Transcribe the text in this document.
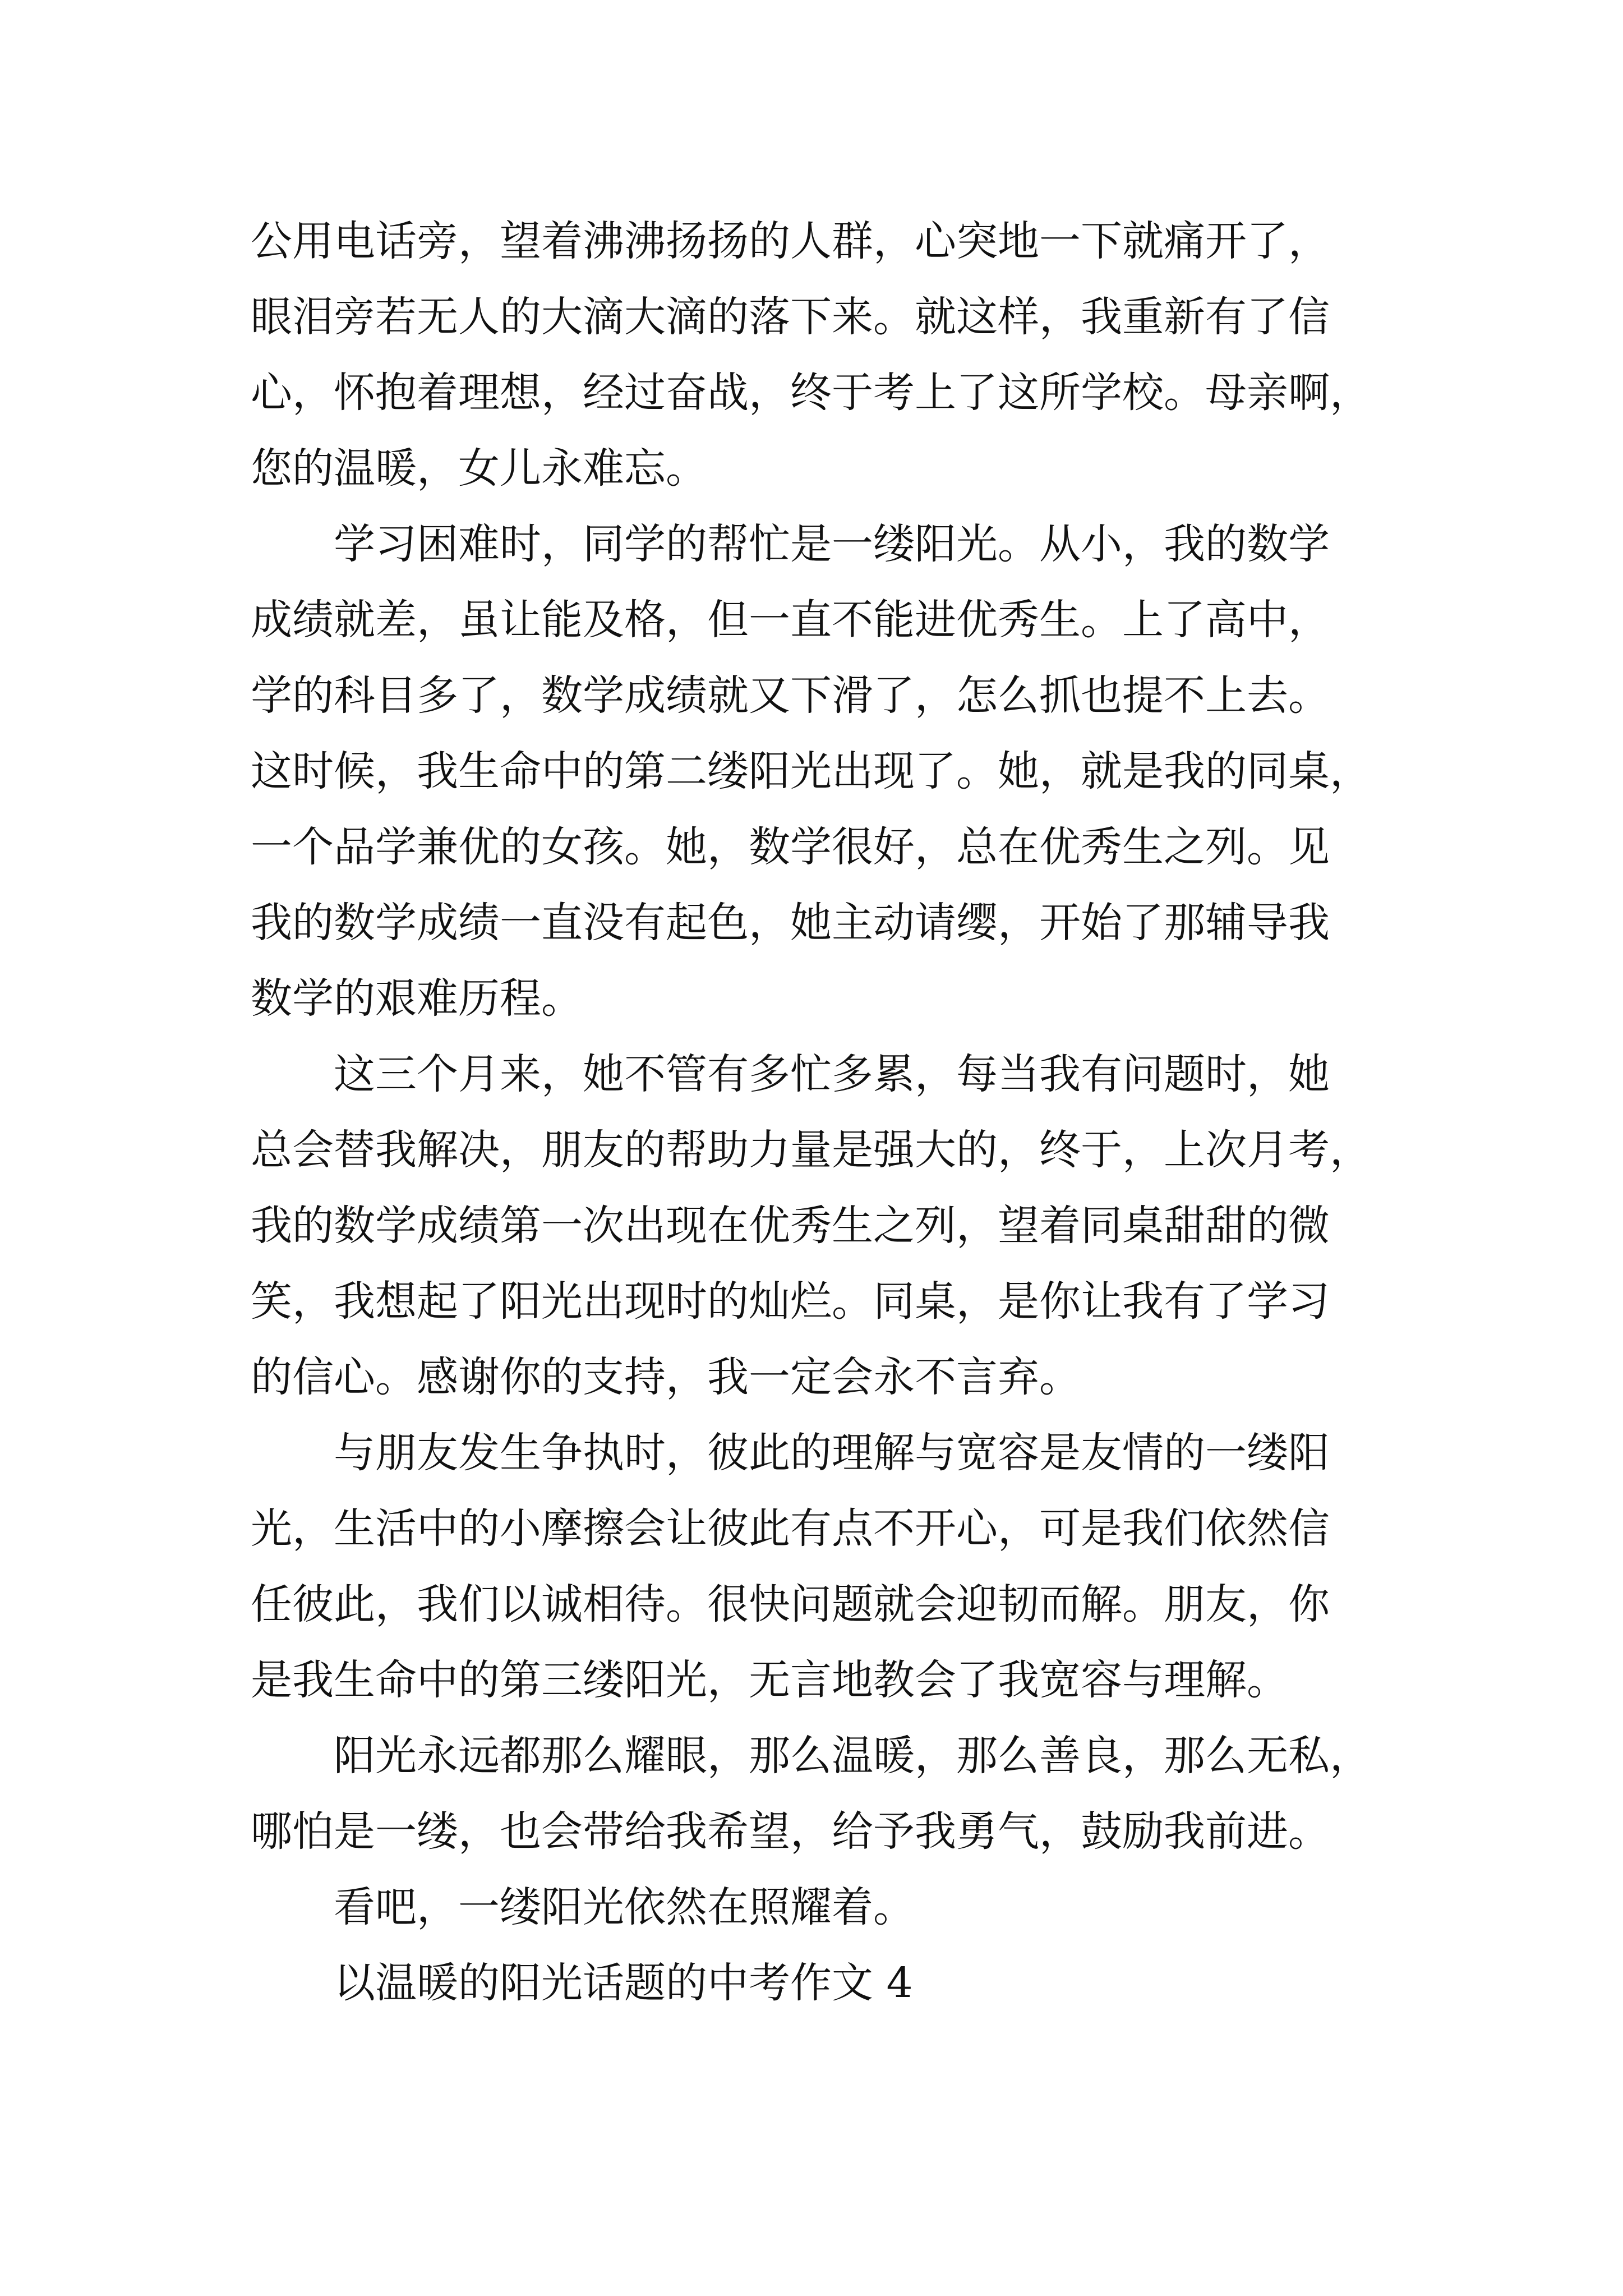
公用电话旁，望着沸沸扬扬的人群，心突地一下就痛开了，

眼泪旁若无人的大滴大滴的落下来。就这样，我重新有了信

心，怀抱着理想，经过奋战，终于考上了这所学校。母亲啊，

您的温暖，女儿永难忘。

学习困难时，同学的帮忙是一缕阳光。从小，我的数学

成绩就差，虽让能及格，但一直不能进优秀生。上了高中，

学的科目多了，数学成绩就又下滑了，怎么抓也提不上去。

这时候，我生命中的第二缕阳光出现了。她，就是我的同桌，

一个品学兼优的女孩。她，数学很好，总在优秀生之列。见

我的数学成绩一直没有起色，她主动请缨，开始了那辅导我

数学的艰难历程。

这三个月来，她不管有多忙多累，每当我有问题时，她

总会替我解决，朋友的帮助力量是强大的，终于，上次月考，

我的数学成绩第一次出现在优秀生之列，望着同桌甜甜的微

笑，我想起了阳光出现时的灿烂。同桌，是你让我有了学习

的信心。感谢你的支持，我一定会永不言弃。

与朋友发生争执时，彼此的理解与宽容是友情的一缕阳

光，生活中的小摩擦会让彼此有点不开心，可是我们依然信

任彼此，我们以诚相待。很快问题就会迎韧而解。朋友，你

是我生命中的第三缕阳光，无言地教会了我宽容与理解。

阳光永远都那么耀眼，那么温暖，那么善良，那么无私，

哪怕是一缕，也会带给我希望，给予我勇气，鼓励我前进。

看吧，一缕阳光依然在照耀着。

以温暖的阳光话题的中考作文 4
